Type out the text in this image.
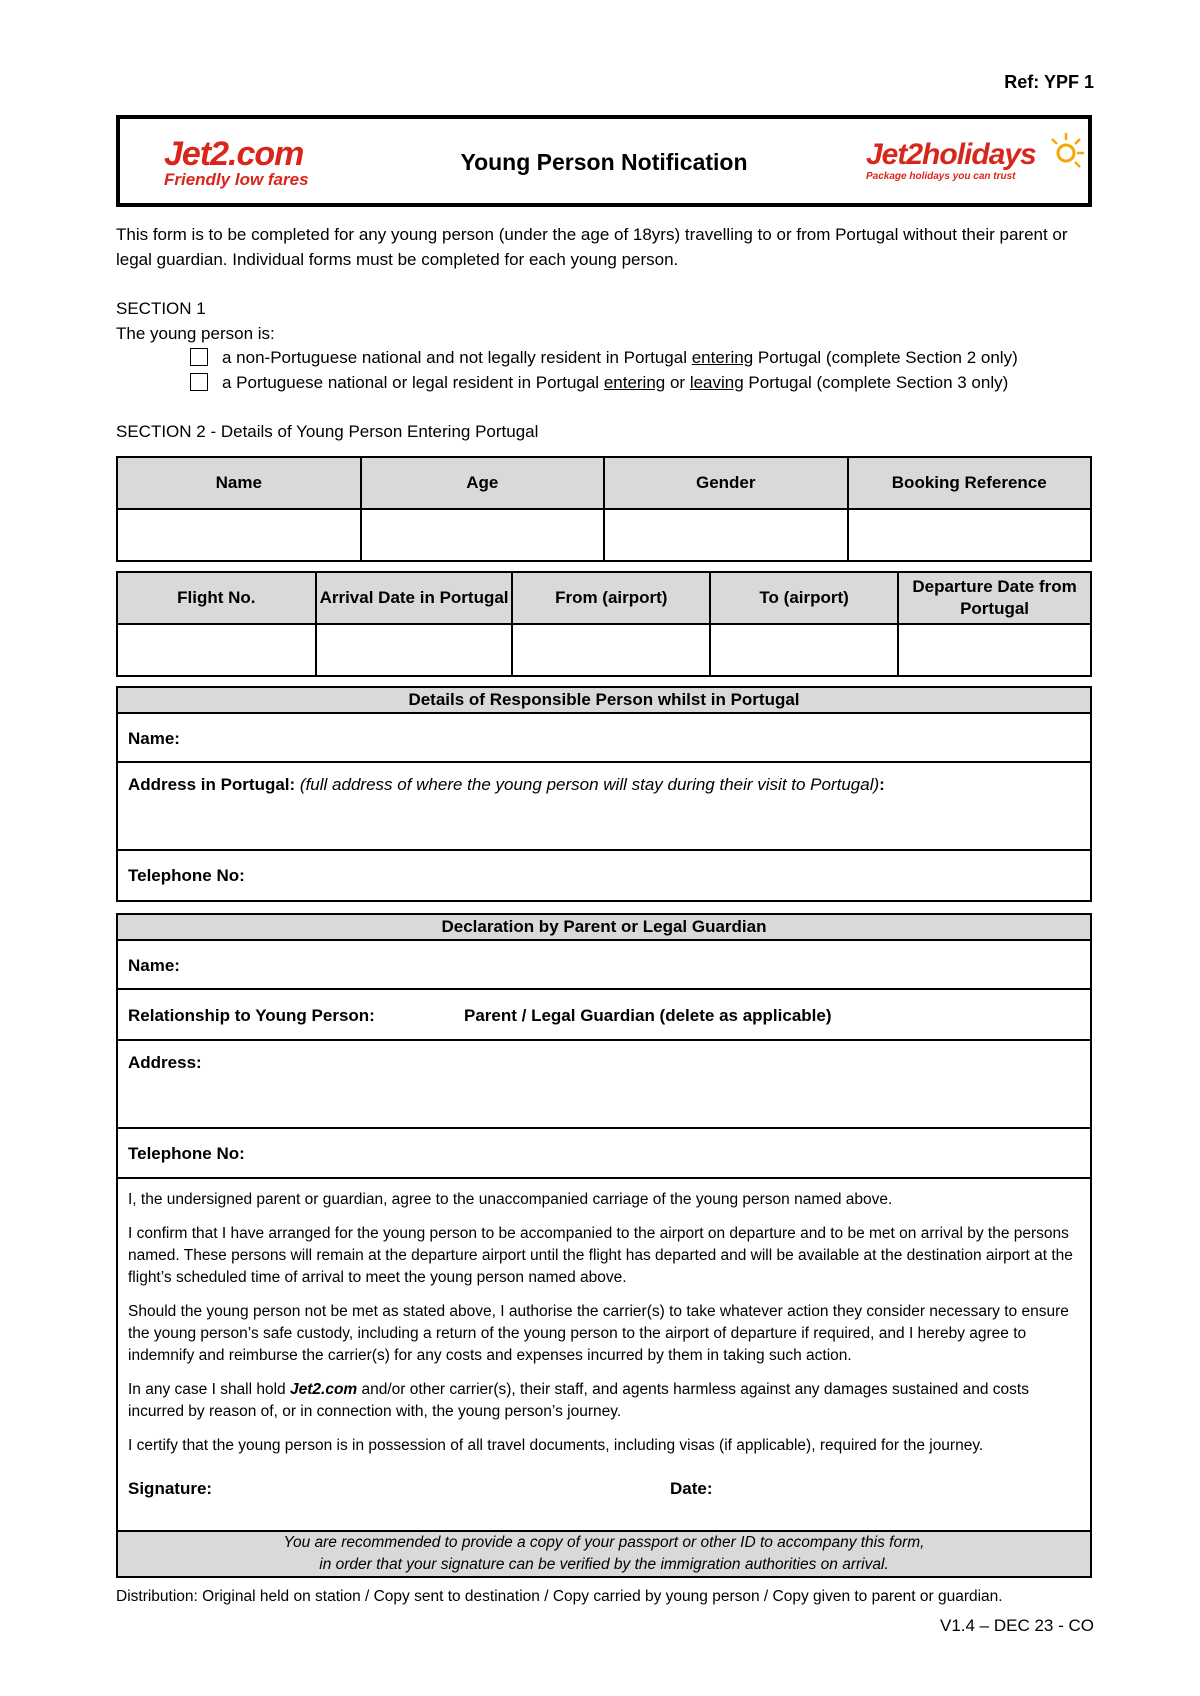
Ref: YPF 1
Jet2.com
Friendly low fares
Young Person Notification	Jet2holidays
Package holidays you can trust
This form is to be completed for any young person (under the age of 18yrs) travelling to or from Portugal without their parent or legal guardian. Individual forms must be completed for each young person.
SECTION 1
The young person is:
a non-Portuguese national and not legally resident in Portugal entering Portugal (complete Section 2 only)
a Portuguese national or legal resident in Portugal entering or leaving Portugal (complete Section 3 only)
SECTION 2 - Details of Young Person Entering Portugal
Name	Age	Gender	Booking Reference

Flight No.	Arrival Date in Portugal	From (airport)	To (airport)	Departure Date from Portugal

Details of Responsible Person whilst in Portugal
Name:
Address in Portugal: (full address of where the young person will stay during their visit to Portugal):
Telephone No:
Declaration by Parent or Legal Guardian
Name:
Relationship to Young Person:	Parent / Legal Guardian (delete as applicable)
Address:
Telephone No:

I, the undersigned parent or guardian, agree to the unaccompanied carriage of the young person named above.

I confirm that I have arranged for the young person to be accompanied to the airport on departure and to be met on arrival by the persons named. These persons will remain at the departure airport until the flight has departed and will be available at the destination airport at the flight’s scheduled time of arrival to meet the young person named above.

Should the young person not be met as stated above, I authorise the carrier(s) to take whatever action they consider necessary to ensure the young person’s safe custody, including a return of the young person to the airport of departure if required, and I hereby agree to indemnify and reimburse the carrier(s) for any costs and expenses incurred by them in taking such action.

In any case I shall hold Jet2.com and/or other carrier(s), their staff, and agents harmless against any damages sustained and costs incurred by reason of, or in connection with, the young person’s journey.

I certify that the young person is in possession of all travel documents, including visas (if applicable), required for the journey.

Signature:	Date:
You are recommended to provide a copy of your passport or other ID to accompany this form,
in order that your signature can be verified by the immigration authorities on arrival.
Distribution: Original held on station / Copy sent to destination / Copy carried by young person / Copy given to parent or guardian.
V1.4 – DEC 23 - CO
